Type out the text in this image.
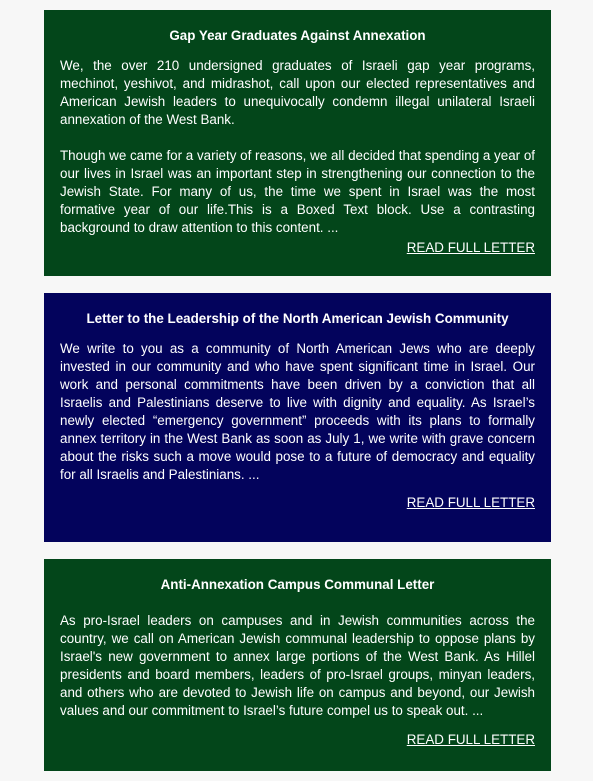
Gap Year Graduates Against Annexation

We, the over 210 undersigned graduates of Israeli gap year programs, mechinot, yeshivot, and midrashot, call upon our elected representatives and American Jewish leaders to unequivocally condemn illegal unilateral Israeli annexation of the West Bank.

Though we came for a variety of reasons, we all decided that spending a year of our lives in Israel was an important step in strengthening our connection to the Jewish State. For many of us, the time we spent in Israel was the most formative year of our life.This is a Boxed Text block. Use a contrasting background to draw attention to this content. ...

READ FULL LETTER
Letter to the Leadership of the North American Jewish Community

We write to you as a community of North American Jews who are deeply invested in our community and who have spent significant time in Israel. Our work and personal commitments have been driven by a conviction that all Israelis and Palestinians deserve to live with dignity and equality. As Israel’s newly elected “emergency government” proceeds with its plans to formally annex territory in the West Bank as soon as July 1, we write with grave concern about the risks such a move would pose to a future of democracy and equality for all Israelis and Palestinians. ...

READ FULL LETTER
Anti-Annexation Campus Communal Letter

As pro-Israel leaders on campuses and in Jewish communities across the country, we call on American Jewish communal leadership to oppose plans by Israel's new government to annex large portions of the West Bank. As Hillel presidents and board members, leaders of pro-Israel groups, minyan leaders, and others who are devoted to Jewish life on campus and beyond, our Jewish values and our commitment to Israel’s future compel us to speak out. ...

READ FULL LETTER
